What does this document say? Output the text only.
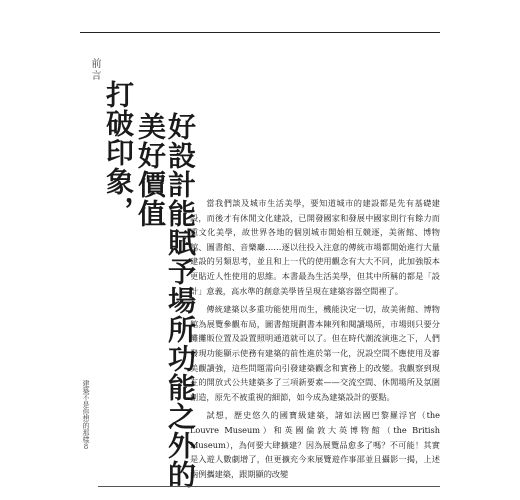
前言
打破印象，	好設計能賦予場所功能之外的美好價值
建築不是你想的那樣8

當我們談及城市生活美學，要知道城市的建設都是先有基礎建設，而後才有休閒文化建設，已開發國家和發展中國家則行有餘力而重文化美學，故世界各地的個別城市開始相互競逐，美術館、博物館、圖書館、音樂廳……逐以往投入注意的傳統市場都開始進行大量建設的另類思考，並且和上一代的使用觀念有大大不同，此加強版本更貼近人性使用的思維。本書最為生活美學，但其中所稱的都是「設計」意義，高水準的創意美學皆呈現在建築容器空間裡了。

傳統建築以多重功能使用而生，機能決定一切，故美術館、博物館為展覽參觀布局，圖書館規劃書本陳列和閱讀場所，市場則只要分攤攤販位置及設置照明通道就可以了。但在時代潮流演進之下，人們發現功能顯示使務有建築的前性進於第一化，況設空間不應使用及審美觀讀強，這些問題需向引發建築觀念和實務上的改變。我觀察到現在的開放式公共建築多了三項新要素——交流空間、休閒場所及氛圍創造，原先不被重視的細節，如今成為建築設計的要點。

試想，歷史悠久的國寶級建築，諸如法國巴黎羅浮宮（the Louvre Museum）和英國倫敦大英博物館（the British Museum），為何要大肆擴建？因為展覽品愈多了嗎？不可能！其實是入遊人數劇增了，但更擴充今來展覽遊作事邵並且攝影一揭，上述兩例攜建築，跟期顯的改變
